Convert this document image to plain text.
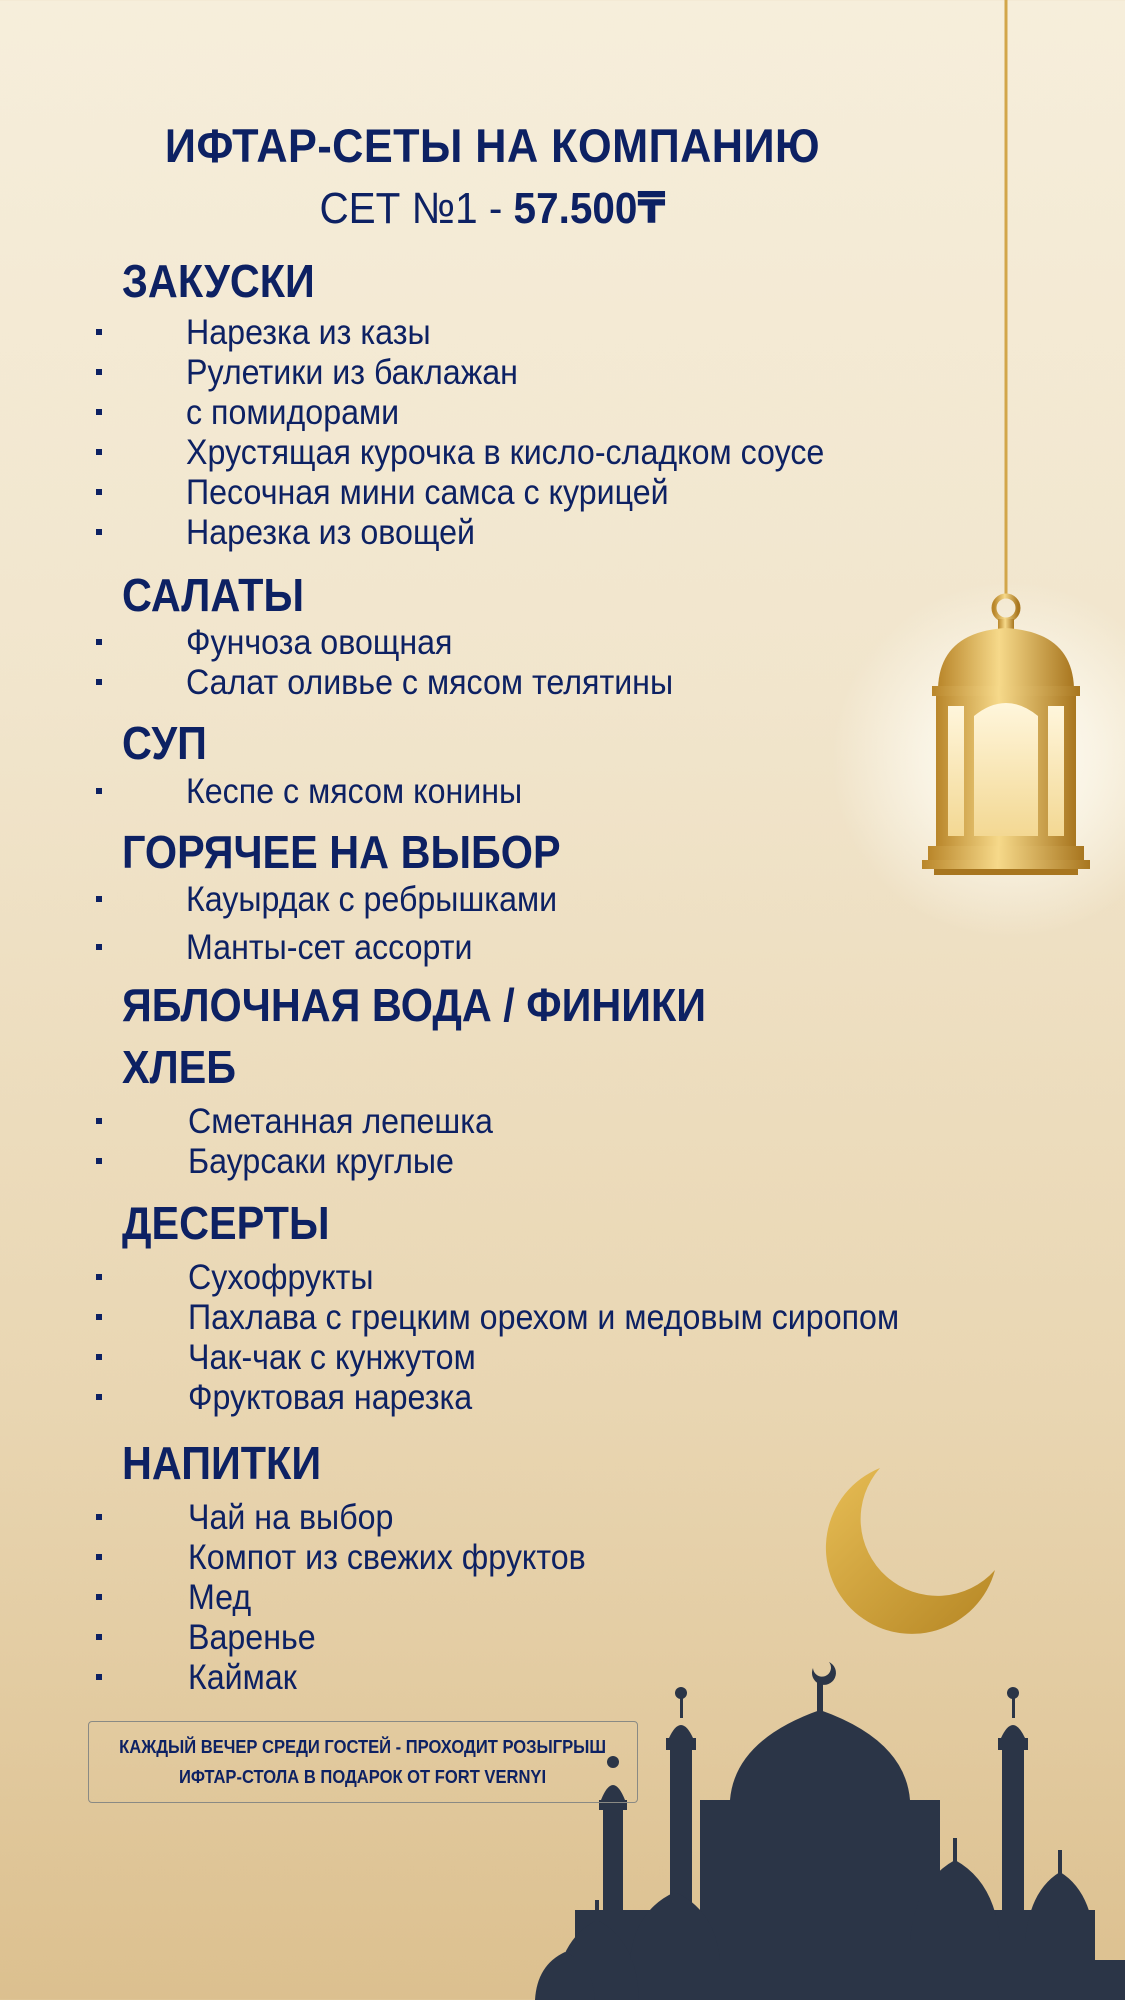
ИФТАР-СЕТЫ НА КОМПАНИЮ
СЕТ №1 - 57.500₸
ЗАКУСКИ
Нарезка из казы
Рулетики из баклажан
с помидорами
Хрустящая курочка в кисло-сладком соусе
Песочная мини самса с курицей
Нарезка из овощей
САЛАТЫ
Фунчоза овощная
Салат оливье с мясом телятины
СУП
Кеспе с мясом конины
ГОРЯЧЕЕ НА ВЫБОР
Кауырдак с ребрышками
Манты-сет ассорти
ЯБЛОЧНАЯ ВОДА / ФИНИКИ
ХЛЕБ
Сметанная лепешка
Баурсаки круглые
ДЕСЕРТЫ
Сухофрукты
Пахлава с грецким орехом и медовым сиропом
Чак-чак с кунжутом
Фруктовая нарезка
НАПИТКИ
Чай на выбор
Компот из свежих фруктов
Мед
Варенье
Каймак
КАЖДЫЙ ВЕЧЕР СРЕДИ ГОСТЕЙ - ПРОХОДИТ РОЗЫГРЫШ
ИФТАР-СТОЛА В ПОДАРОК ОТ FORT VERNYI
